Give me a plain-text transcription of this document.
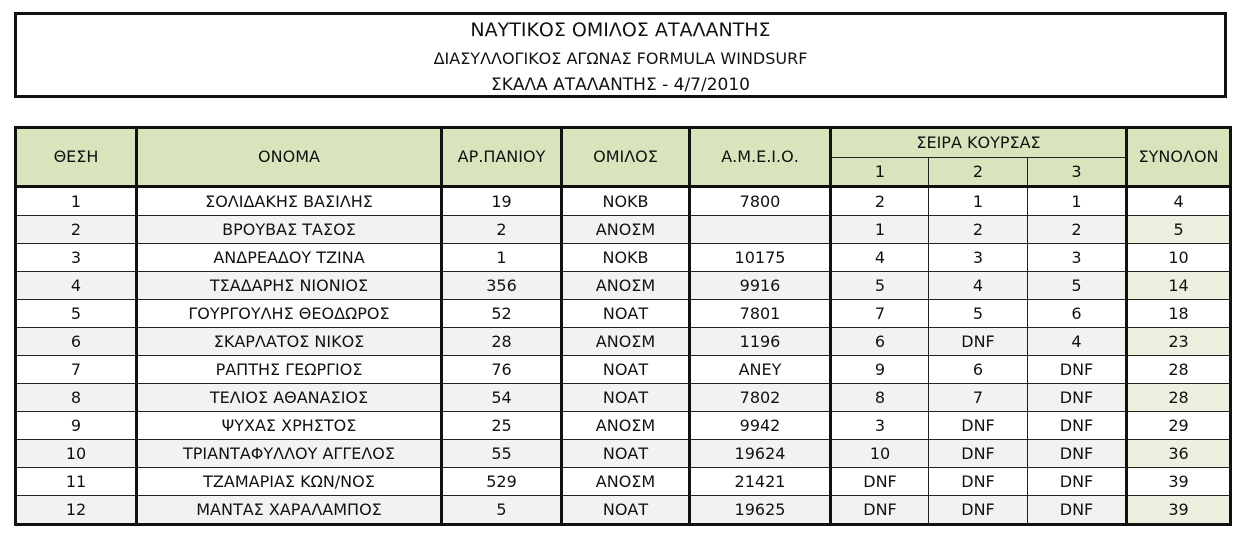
ΝΑΥΤΙΚΟΣ ΟΜΙΛΟΣ ΑΤΑΛΑΝΤΗΣ
ΔΙΑΣΥΛΛΟΓΙΚΟΣ ΑΓΩΝΑΣ FORMULA WINDSURF
ΣΚΑΛΑ ΑΤΑΛΑΝΤΗΣ - 4/7/2010
ΘΕΣΗ	ΟΝΟΜΑ	ΑΡ.ΠΑΝΙΟΥ	ΟΜΙΛΟΣ	Α.Μ.Ε.Ι.Ο.	ΣΕΙΡΑ ΚΟΥΡΣΑΣ			ΣΥΝΟΛΟΝ
					1	2	3	
1	ΣΟΛΙΔΑΚΗΣ ΒΑΣΙΛΗΣ	19	ΝΟΚΒ	7800	2	1	1	4
2	ΒΡΟΥΒΑΣ ΤΑΣΟΣ	2	ΑΝΟΣΜ		1	2	2	5
3	ΑΝΔΡΕΑΔΟΥ ΤΖΙΝΑ	1	ΝΟΚΒ	10175	4	3	3	10
4	ΤΣΑΔΑΡΗΣ ΝΙΟΝΙΟΣ	356	ΑΝΟΣΜ	9916	5	4	5	14
5	ΓΟΥΡΓΟΥΛΗΣ ΘΕΟΔΩΡΟΣ	52	ΝΟΑΤ	7801	7	5	6	18
6	ΣΚΑΡΛΑΤΟΣ ΝΙΚΟΣ	28	ΑΝΟΣΜ	1196	6	DNF	4	23
7	ΡΑΠΤΗΣ ΓΕΩΡΓΙΟΣ	76	ΝΟΑΤ	ΑΝΕΥ	9	6	DNF	28
8	ΤΕΛΙΟΣ ΑΘΑΝΑΣΙΟΣ	54	ΝΟΑΤ	7802	8	7	DNF	28
9	ΨΥΧΑΣ ΧΡΗΣΤΟΣ	25	ΑΝΟΣΜ	9942	3	DNF	DNF	29
10	ΤΡΙΑΝΤΑΦΥΛΛΟΥ ΑΓΓΕΛΟΣ	55	ΝΟΑΤ	19624	10	DNF	DNF	36
11	ΤΖΑΜΑΡΙΑΣ ΚΩΝ/ΝΟΣ	529	ΑΝΟΣΜ	21421	DNF	DNF	DNF	39
12	ΜΑΝΤΑΣ ΧΑΡΑΛΑΜΠΟΣ	5	ΝΟΑΤ	19625	DNF	DNF	DNF	39
